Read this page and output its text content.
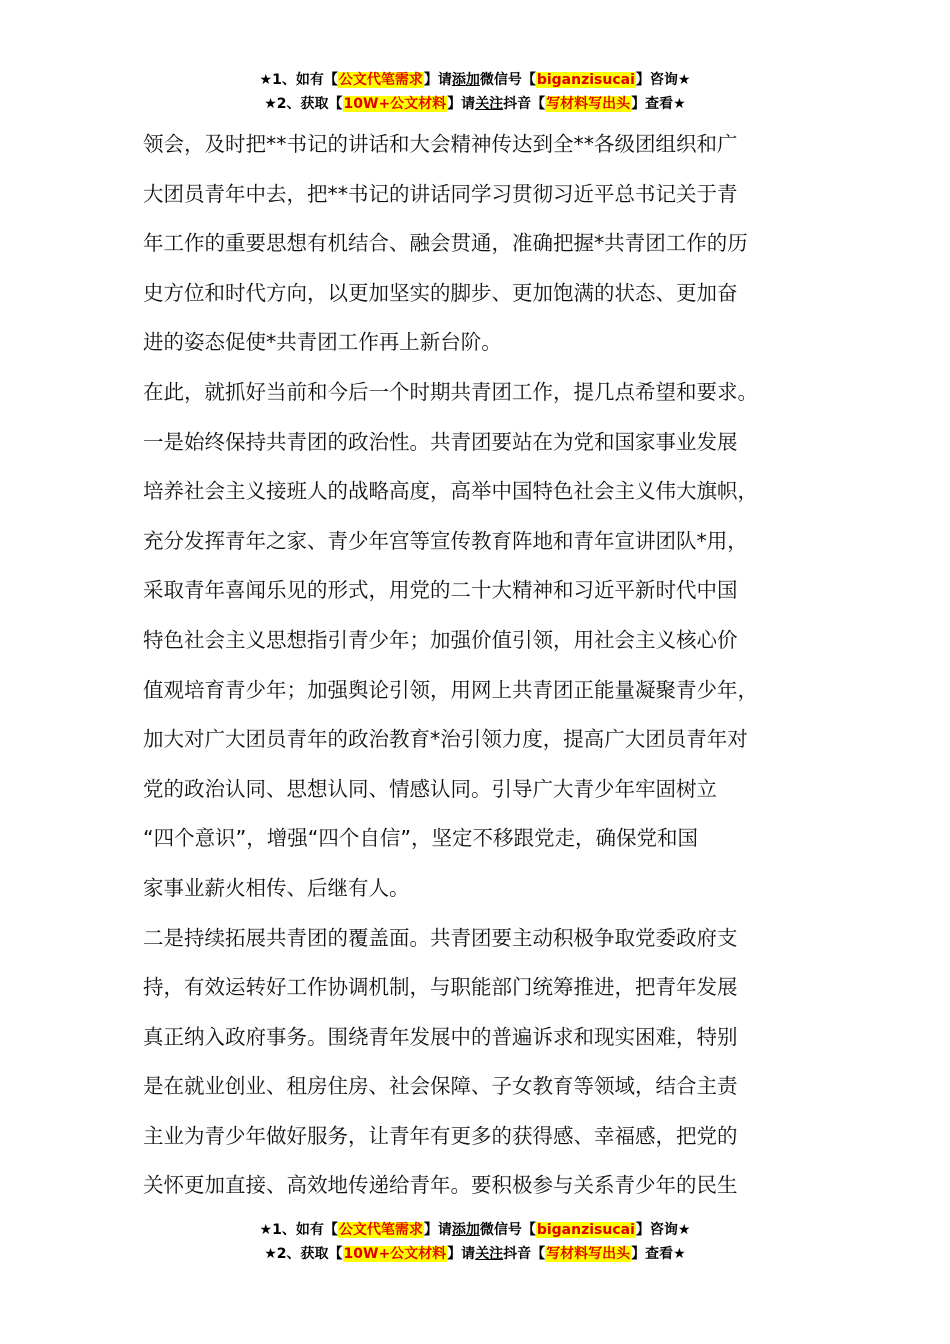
★1、如有【公文代笔需求】请添加微信号【biganzisucai】咨询★
★2、获取【10W+公文材料】请关注抖音【写材料写出头】查看★
领会，及时把**书记的讲话和大会精神传达到全**各级团组织和广
大团员青年中去，把**书记的讲话同学习贯彻习近平总书记关于青
年工作的重要思想有机结合、融会贯通，准确把握*共青团工作的历
史方位和时代方向，以更加坚实的脚步、更加饱满的状态、更加奋
进的姿态促使*共青团工作再上新台阶。
在此，就抓好当前和今后一个时期共青团工作，提几点希望和要求。
一是始终保持共青团的政治性。共青团要站在为党和国家事业发展
培养社会主义接班人的战略高度，高举中国特色社会主义伟大旗帜，
充分发挥青年之家、青少年宫等宣传教育阵地和青年宣讲团队*用，
采取青年喜闻乐见的形式，用党的二十大精神和习近平新时代中国
特色社会主义思想指引青少年；加强价值引领，用社会主义核心价
值观培育青少年；加强舆论引领，用网上共青团正能量凝聚青少年，
加大对广大团员青年的政治教育*治引领力度，提高广大团员青年对
党的政治认同、思想认同、情感认同。引导广大青少年牢固树立
“四个意识”，增强“四个自信”，坚定不移跟党走，确保党和国
家事业薪火相传、后继有人。
二是持续拓展共青团的覆盖面。共青团要主动积极争取党委政府支
持，有效运转好工作协调机制，与职能部门统筹推进，把青年发展
真正纳入政府事务。围绕青年发展中的普遍诉求和现实困难，特别
是在就业创业、租房住房、社会保障、子女教育等领域，结合主责
主业为青少年做好服务，让青年有更多的获得感、幸福感，把党的
关怀更加直接、高效地传递给青年。要积极参与关系青少年的民生
★1、如有【公文代笔需求】请添加微信号【biganzisucai】咨询★
★2、获取【10W+公文材料】请关注抖音【写材料写出头】查看★
